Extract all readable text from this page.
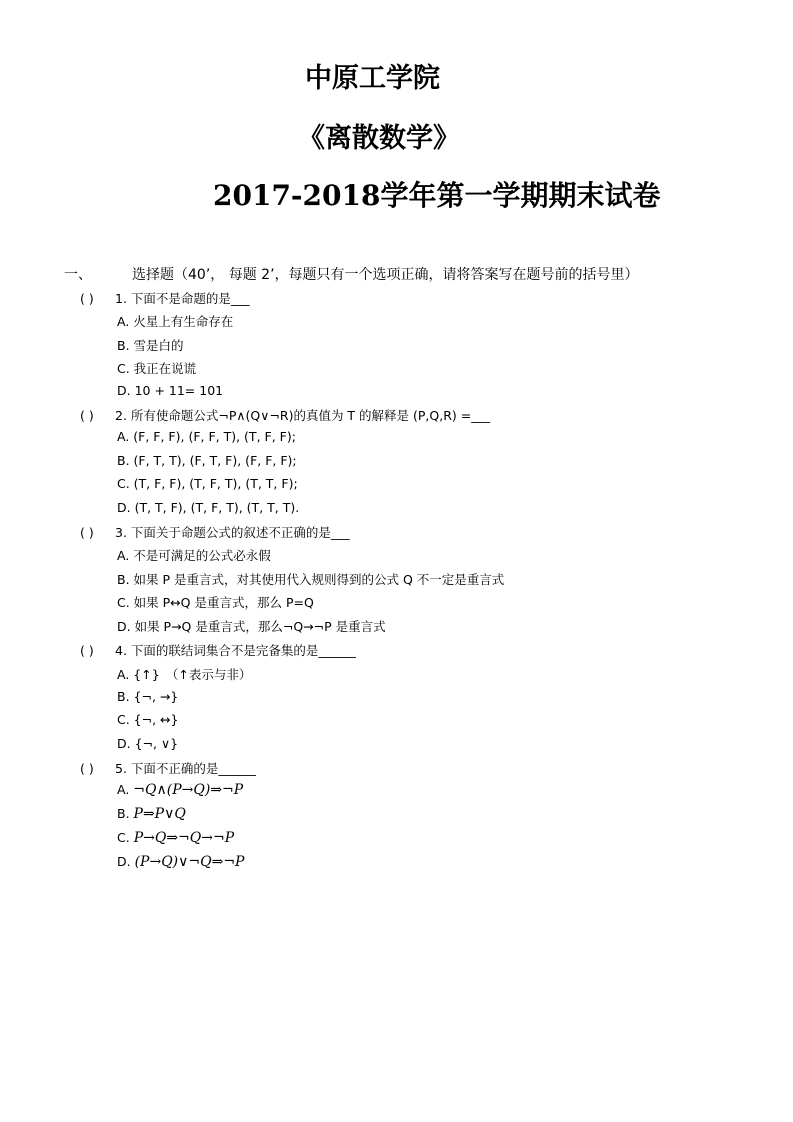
中原工学院
《离散数学》
2017-2018学年第一学期期末试卷
一、	选择题（40’， 每题 2’，每题只有一个选项正确，请将答案写在题号前的括号里）
( ) 1. 下面不是命题的是___
A. 火星上有生命存在
B. 雪是白的
C. 我正在说谎
D. 10 + 11= 101
( ) 2. 所有使命题公式¬P∧(Q∨¬R)的真值为 T 的解释是 (P,Q,R) =___
A. (F, F, F), (F, F, T), (T, F, F);
B. (F, T, T), (F, T, F), (F, F, F);
C. (T, F, F), (T, F, T), (T, T, F);
D. (T, T, F), (T, F, T), (T, T, T).
( ) 3. 下面关于命题公式的叙述不正确的是___
A. 不是可满足的公式必永假
B. 如果 P 是重言式，对其使用代入规则得到的公式 Q 不一定是重言式
C. 如果 P↔Q 是重言式，那么 P=Q
D. 如果 P→Q 是重言式，那么¬Q→¬P 是重言式
( ) 4. 下面的联结词集合不是完备集的是______
A. {↑}　（↑表示与非）
B. {¬, →}
C. {¬, ↔}
D. {¬, ∨}
( ) 5. 下面不正确的是______
A. ¬Q∧(P→Q)⇒¬P
B. P⇒P∨Q
C. P→Q⇒¬Q→¬P
D. (P→Q)∨¬Q⇒¬P
